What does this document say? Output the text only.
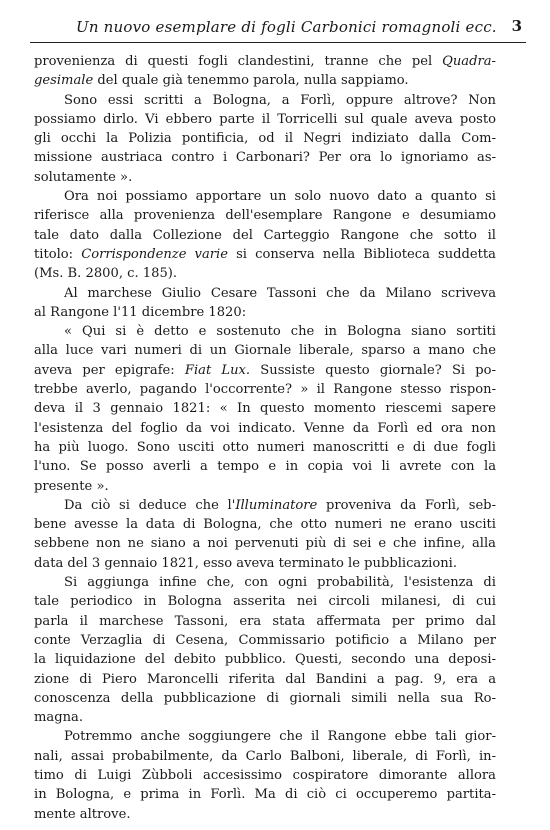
Un nuovo esemplare di fogli Carbonici romagnoli ecc. 3
provenienza di questi fogli clandestini, tranne che pel Quadra-
gesimale del quale già tenemmo parola, nulla sappiamo.
Sono essi scritti a Bologna, a Forlì, oppure altrove? Non
possiamo dirlo. Vi ebbero parte il Torricelli sul quale aveva posto
gli occhi la Polizia pontificia, od il Negri indiziato dalla Com-
missione austriaca contro i Carbonari? Per ora lo ignoriamo as-
solutamente ».
Ora noi possiamo apportare un solo nuovo dato a quanto si
riferisce alla provenienza dell'esemplare Rangone e desumiamo
tale dato dalla Collezione del Carteggio Rangone che sotto il
titolo: Corrispondenze varie si conserva nella Biblioteca suddetta
(Ms. B. 2800, c. 185).
Al marchese Giulio Cesare Tassoni che da Milano scriveva
al Rangone l'11 dicembre 1820:
« Qui si è detto e sostenuto che in Bologna siano sortiti
alla luce vari numeri di un Giornale liberale, sparso a mano che
aveva per epigrafe: Fiat Lux. Sussiste questo giornale? Si po-
trebbe averlo, pagando l'occorrente? » il Rangone stesso rispon-
deva il 3 gennaio 1821: « In questo momento riescemi sapere
l'esistenza del foglio da voi indicato. Venne da Forlì ed ora non
ha più luogo. Sono usciti otto numeri manoscritti e di due fogli
l'uno. Se posso averli a tempo e in copia voi li avrete con la
presente ».
Da ciò si deduce che l'Illuminatore proveniva da Forlì, seb-
bene avesse la data di Bologna, che otto numeri ne erano usciti
sebbene non ne siano a noi pervenuti più di sei e che infine, alla
data del 3 gennaio 1821, esso aveva terminato le pubblicazioni.
Si aggiunga infine che, con ogni probabilità, l'esistenza di
tale periodico in Bologna asserita nei circoli milanesi, di cui
parla il marchese Tassoni, era stata affermata per primo dal
conte Verzaglia di Cesena, Commissario potificio a Milano per
la liquidazione del debito pubblico. Questi, secondo una deposi-
zione di Piero Maroncelli riferita dal Bandini a pag. 9, era a
conoscenza della pubblicazione di giornali simili nella sua Ro-
magna.
Potremmo anche soggiungere che il Rangone ebbe tali gior-
nali, assai probabilmente, da Carlo Balboni, liberale, di Forlì, in-
timo di Luigi Zùbboli accesissimo cospiratore dimorante allora
in Bologna, e prima in Forlì. Ma di ciò ci occuperemo partita-
mente altrove.
